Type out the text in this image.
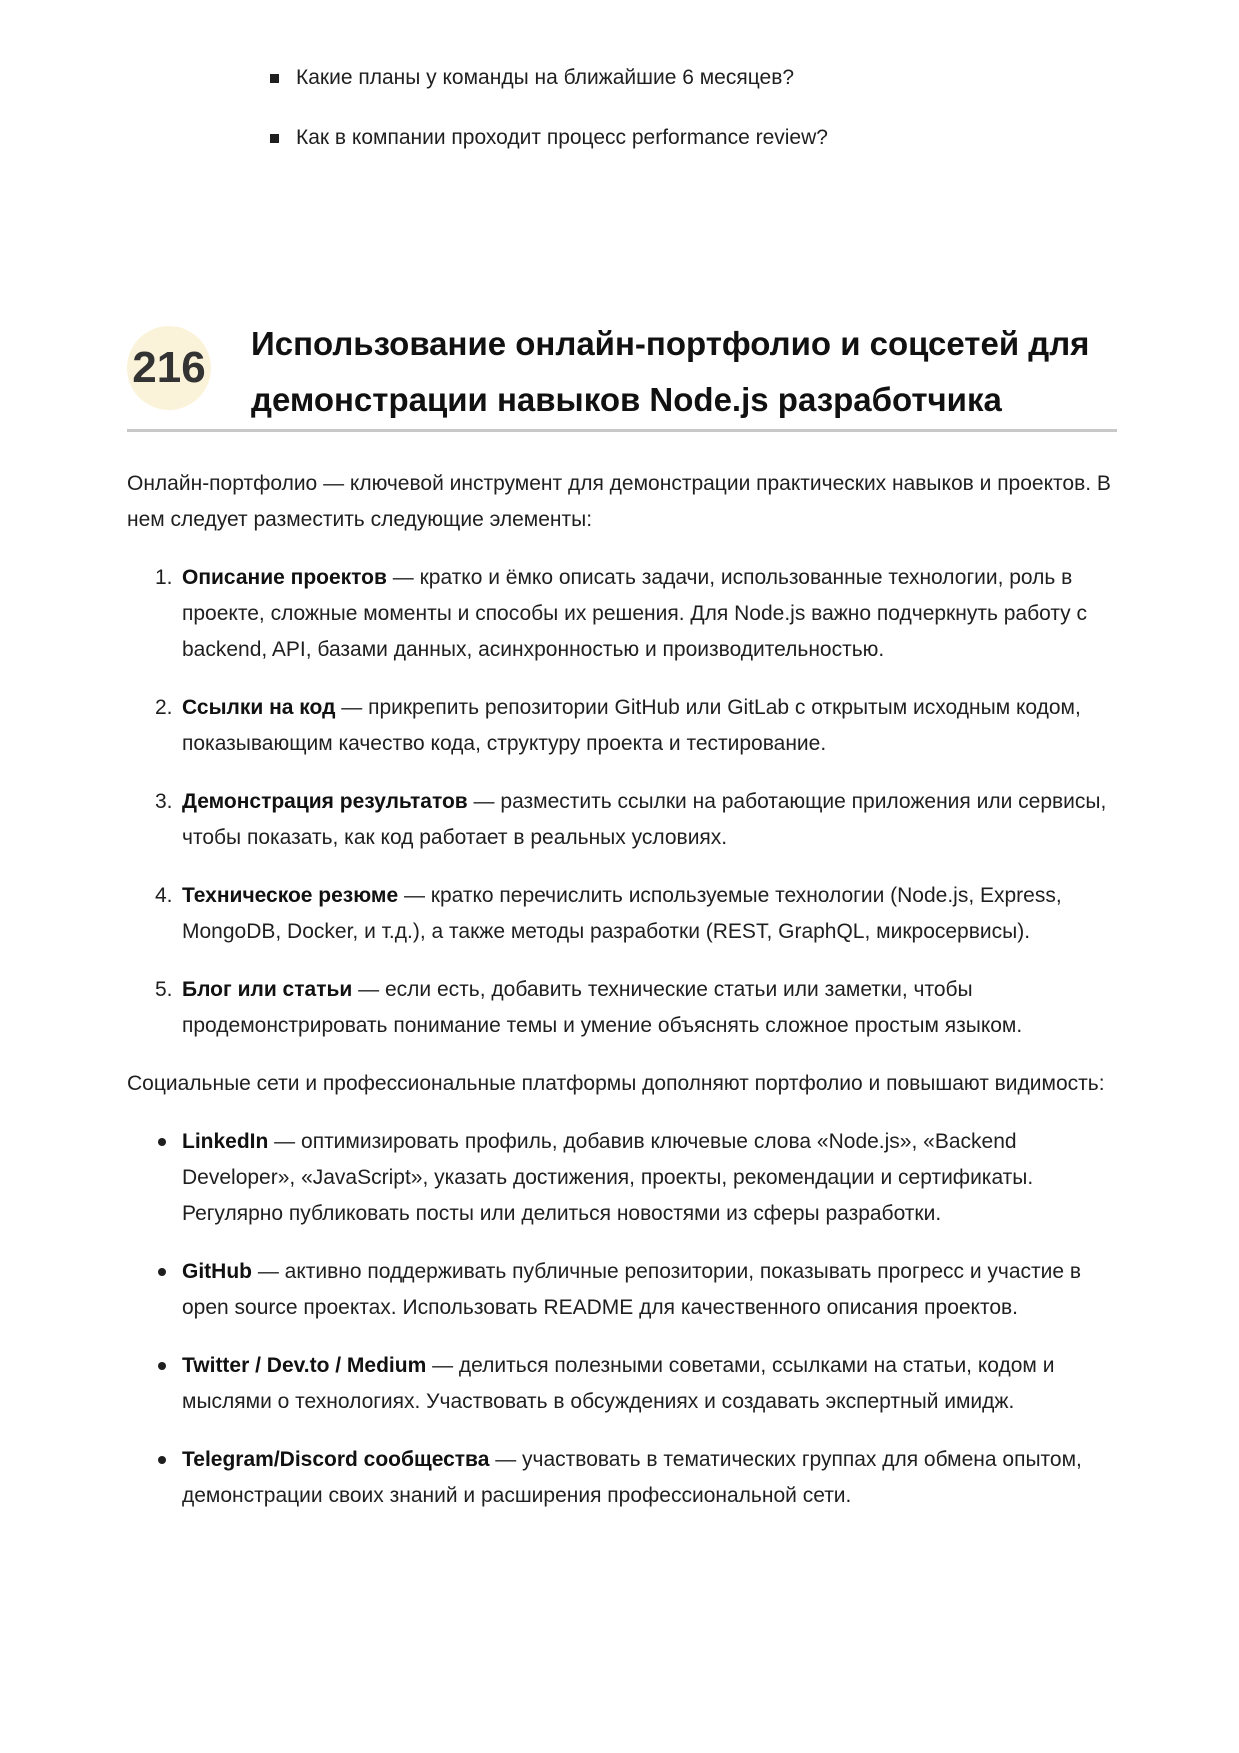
Какие планы у команды на ближайшие 6 месяцев?
Как в компании проходит процесс performance review?
216 Использование онлайн-портфолио и соцсетей для демонстрации навыков Node.js разработчика

Онлайн-портфолио — ключевой инструмент для демонстрации практических навыков и проектов. В нем следует разместить следующие элементы:

1. Описание проектов — кратко и ёмко описать задачи, использованные технологии, роль в проекте, сложные моменты и способы их решения. Для Node.js важно подчеркнуть работу с backend, API, базами данных, асинхронностью и производительностью.
2. Ссылки на код — прикрепить репозитории GitHub или GitLab с открытым исходным кодом, показывающим качество кода, структуру проекта и тестирование.
3. Демонстрация результатов — разместить ссылки на работающие приложения или сервисы, чтобы показать, как код работает в реальных условиях.
4. Техническое резюме — кратко перечислить используемые технологии (Node.js, Express, MongoDB, Docker, и т.д.), а также методы разработки (REST, GraphQL, микросервисы).
5. Блог или статьи — если есть, добавить технические статьи или заметки, чтобы продемонстрировать понимание темы и умение объяснять сложное простым языком.

Социальные сети и профессиональные платформы дополняют портфолио и повышают видимость:

LinkedIn — оптимизировать профиль, добавив ключевые слова «Node.js», «Backend Developer», «JavaScript», указать достижения, проекты, рекомендации и сертификаты. Регулярно публиковать посты или делиться новостями из сферы разработки.
GitHub — активно поддерживать публичные репозитории, показывать прогресс и участие в open source проектах. Использовать README для качественного описания проектов.
Twitter / Dev.to / Medium — делиться полезными советами, ссылками на статьи, кодом и мыслями о технологиях. Участвовать в обсуждениях и создавать экспертный имидж.
Telegram/Discord сообщества — участвовать в тематических группах для обмена опытом, демонстрации своих знаний и расширения профессиональной сети.
